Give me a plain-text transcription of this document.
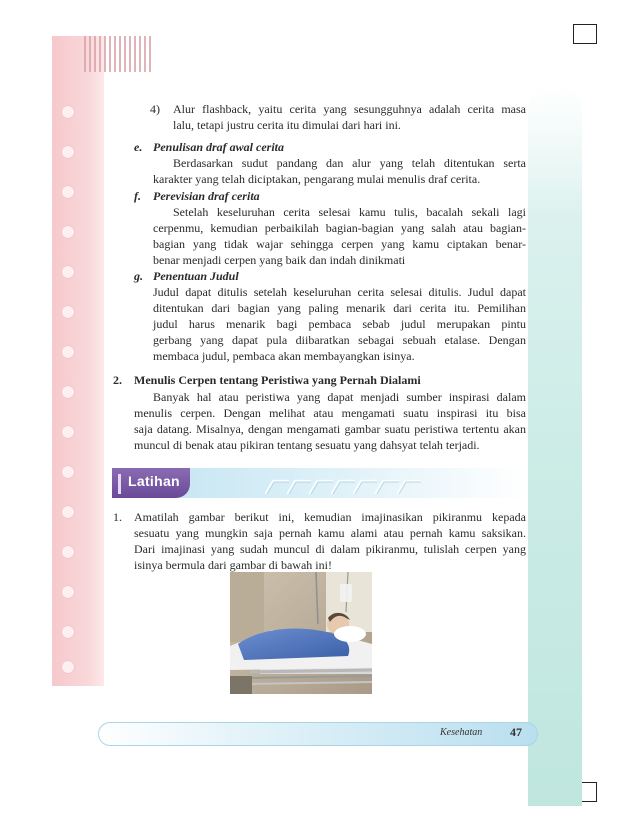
4) Alur flashback, yaitu cerita yang sesungguhnya adalah cerita masa
lalu, tetapi justru cerita itu dimulai dari hari ini.
e. Penulisan draf awal cerita
Berdasarkan sudut pandang dan alur yang telah ditentukan serta
karakter yang telah diciptakan, pengarang mulai menulis draf cerita.
f. Perevisian draf cerita
Setelah keseluruhan cerita selesai kamu tulis, bacalah sekali lagi
cerpenmu, kemudian perbaikilah bagian-bagian yang salah atau bagian-
bagian yang tidak wajar sehingga cerpen yang kamu ciptakan benar-
benar menjadi cerpen yang baik dan indah dinikmati
g. Penentuan Judul
Judul dapat ditulis setelah keseluruhan cerita selesai ditulis. Judul dapat
ditentukan dari bagian yang paling menarik dari cerita itu. Pemilihan
judul harus menarik bagi pembaca sebab judul merupakan pintu
gerbang yang dapat pula diibaratkan sebagai sebuah etalase. Dengan
membaca judul, pembaca akan membayangkan isinya.
2. Menulis Cerpen tentang Peristiwa yang Pernah Dialami
Banyak hal atau peristiwa yang dapat menjadi sumber inspirasi dalam
menulis cerpen. Dengan melihat atau mengamati suatu inspirasi itu bisa
saja datang. Misalnya, dengan mengamati gambar suatu peristiwa tertentu akan
muncul di benak atau pikiran tentang sesuatu yang dahsyat telah terjadi.
Latihan
1. Amatilah gambar berikut ini, kemudian imajinasikan pikiranmu kepada
sesuatu yang mungkin saja pernah kamu alami atau pernah kamu saksikan.
Dari imajinasi yang sudah muncul di dalam pikiranmu, tulislah cerpen yang
isinya bermula dari gambar di bawah ini!
Kesehatan 47
